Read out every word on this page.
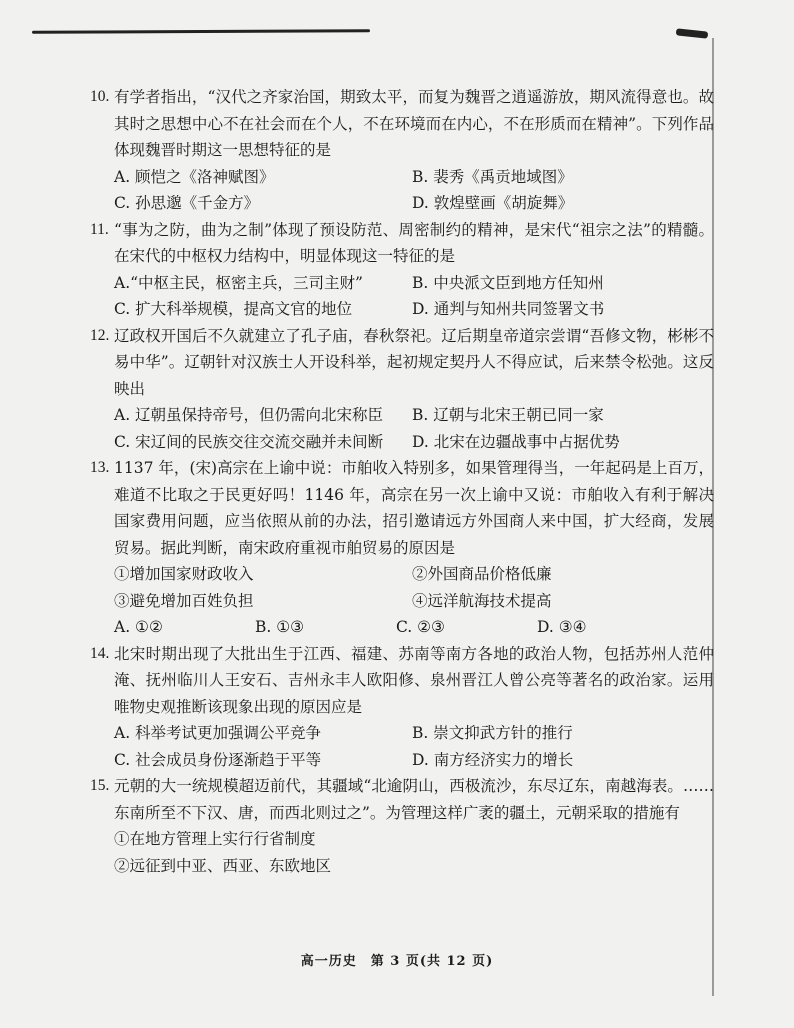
10. 有学者指出，“汉代之齐家治国，期致太平，而复为魏晋之逍遥游放，期风流得意也。故其时之思想中心不在社会而在个人，不在环境而在内心，不在形质而在精神”。下列作品体现魏晋时期这一思想特征的是

A. 顾恺之《洛神赋图》	B. 裴秀《禹贡地域图》
C. 孙思邈《千金方》	D. 敦煌壁画《胡旋舞》
11. “事为之防，曲为之制”体现了预设防范、周密制约的精神，是宋代“祖宗之法”的精髓。在宋代的中枢权力结构中，明显体现这一特征的是

A.“中枢主民，枢密主兵，三司主财”	B. 中央派文臣到地方任知州
C. 扩大科举规模，提高文官的地位	D. 通判与知州共同签署文书
12. 辽政权开国后不久就建立了孔子庙，春秋祭祀。辽后期皇帝道宗尝谓“吾修文物，彬彬不易中华”。辽朝针对汉族士人开设科举，起初规定契丹人不得应试，后来禁令松弛。这反映出

A. 辽朝虽保持帝号，但仍需向北宋称臣	B. 辽朝与北宋王朝已同一家
C. 宋辽间的民族交往交流交融并未间断	D. 北宋在边疆战事中占据优势
13. 1137 年，(宋)高宗在上谕中说：市舶收入特别多，如果管理得当，一年起码是上百万，难道不比取之于民更好吗！1146 年，高宗在另一次上谕中又说：市舶收入有利于解决国家费用问题，应当依照从前的办法，招引邀请远方外国商人来中国，扩大经商，发展贸易。据此判断，南宋政府重视市舶贸易的原因是

①增加国家财政收入	②外国商品价格低廉
③避免增加百姓负担	④远洋航海技术提高
A. ①②	B. ①③	C. ②③	D. ③④
14. 北宋时期出现了大批出生于江西、福建、苏南等南方各地的政治人物，包括苏州人范仲淹、抚州临川人王安石、吉州永丰人欧阳修、泉州晋江人曾公亮等著名的政治家。运用唯物史观推断该现象出现的原因应是

A. 科举考试更加强调公平竞争	B. 崇文抑武方针的推行
C. 社会成员身份逐渐趋于平等	D. 南方经济实力的增长
15. 元朝的大一统规模超迈前代，其疆域“北逾阴山，西极流沙，东尽辽东，南越海表。……东南所至不下汉、唐，而西北则过之”。为管理这样广袤的疆土，元朝采取的措施有

①在地方管理上实行行省制度
②远征到中亚、西亚、东欧地区
高一历史　第 3 页(共 12 页)
